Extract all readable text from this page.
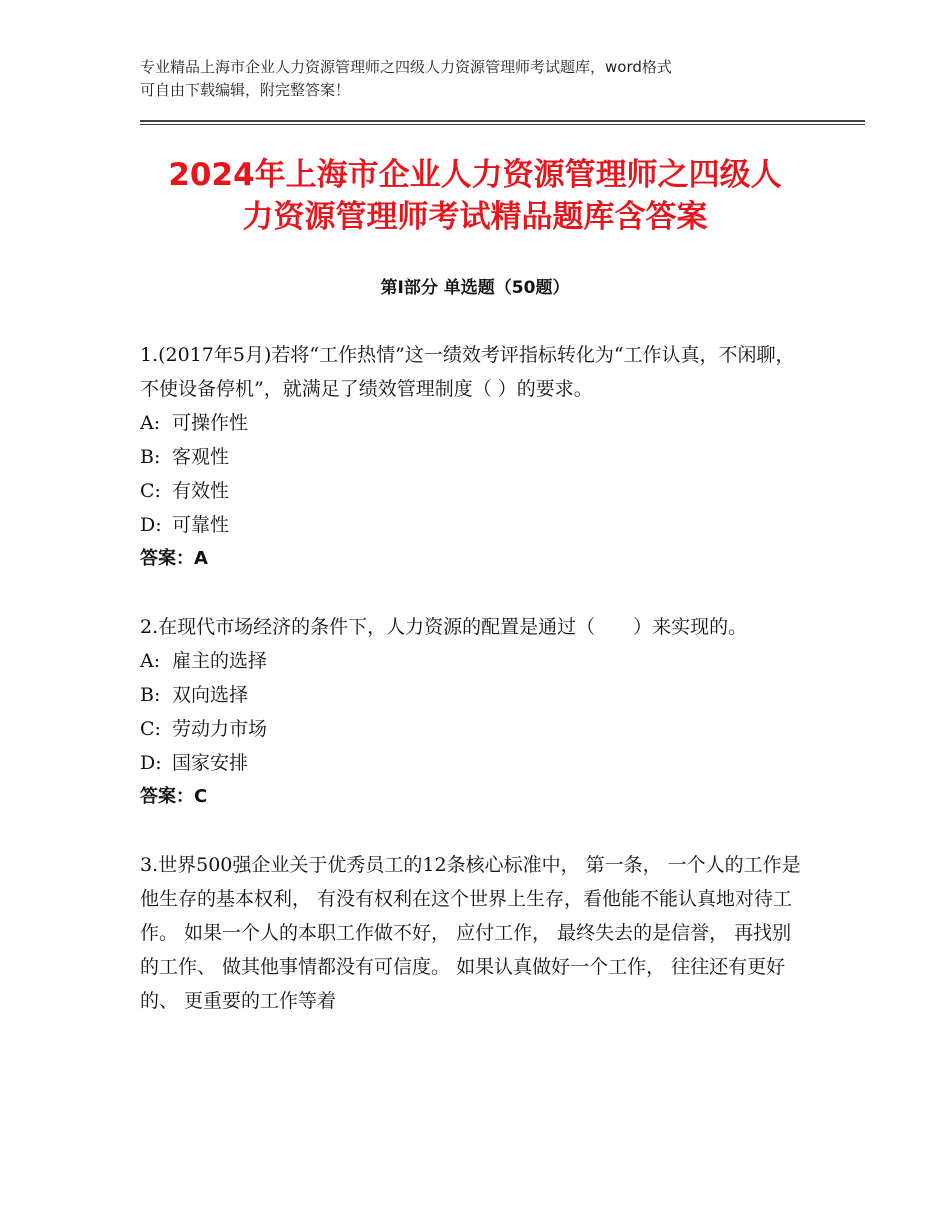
专业精品上海市企业人力资源管理师之四级人力资源管理师考试题库，word格式
可自由下载编辑，附完整答案！
2024年上海市企业人力资源管理师之四级人
力资源管理师考试精品题库含答案
第Ⅰ部分 单选题（50题）

1.(2017年5月)若将“工作热情”这一绩效考评指标转化为“工作认真，不闲聊，不使设备停机”，就满足了绩效管理制度（ ）的要求。

A: 可操作性

B: 客观性

C: 有效性

D: 可靠性

答案：A

2.在现代市场经济的条件下，人力资源的配置是通过（　　）来实现的。

A: 雇主的选择

B: 双向选择

C: 劳动力市场

D: 国家安排

答案：C

3.世界500强企业关于优秀员工的12条核心标准中， 第一条， 一个人的工作是他生存的基本权利， 有没有权利在这个世界上生存，看他能不能认真地对待工作。 如果一个人的本职工作做不好， 应付工作， 最终失去的是信誉， 再找别的工作、 做其他事情都没有可信度。 如果认真做好一个工作， 往往还有更好的、 更重要的工作等着
